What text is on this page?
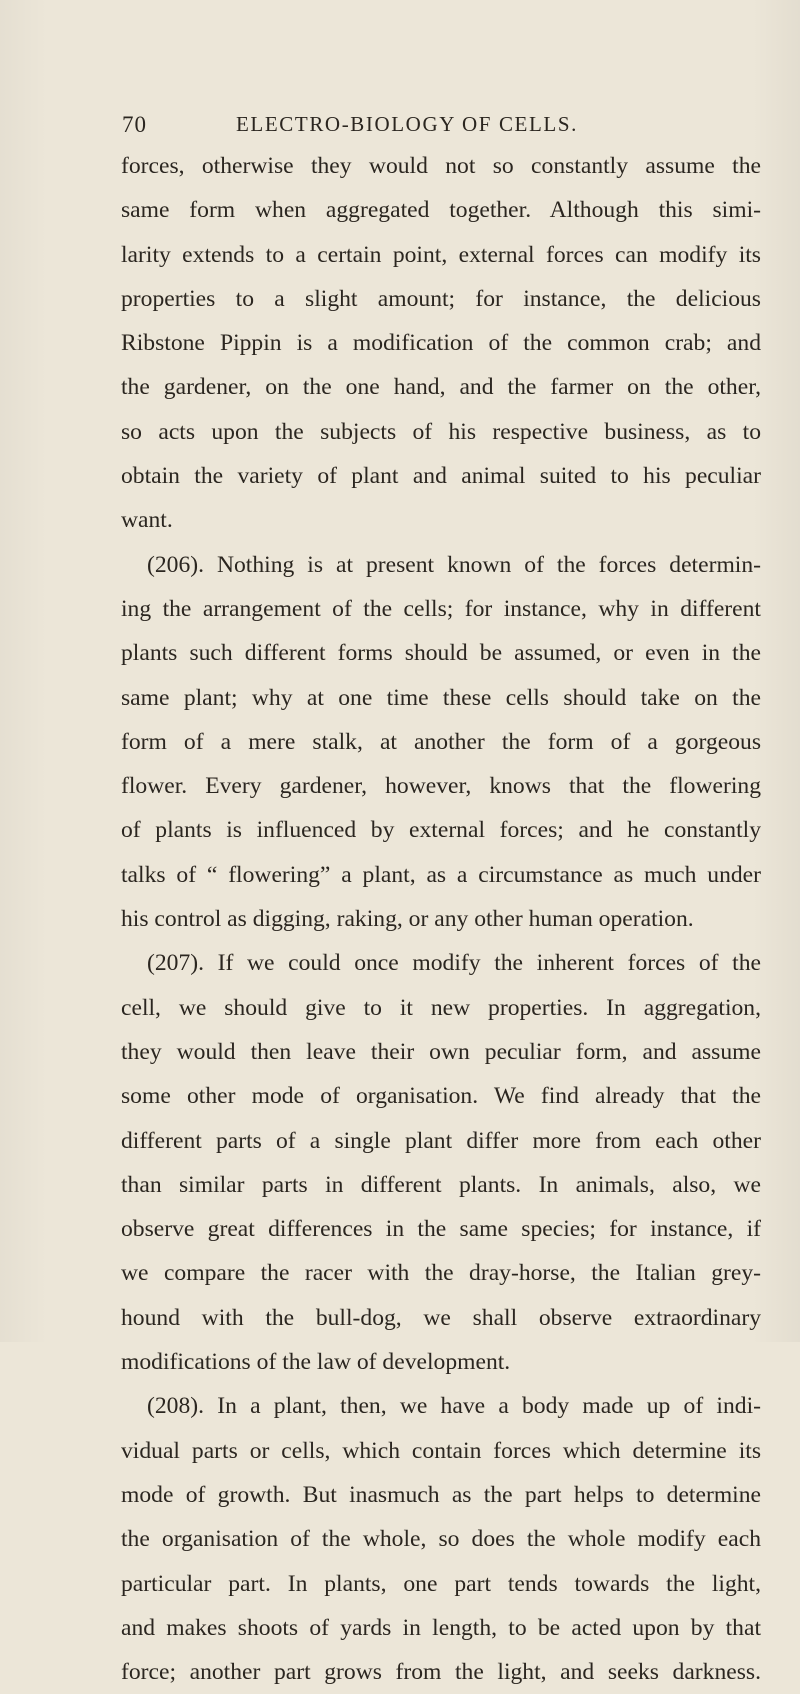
70	ELECTRO-BIOLOGY OF CELLS.
forces, otherwise they would not so constantly assume the
same form when aggregated together. Although this simi-
larity extends to a certain point, external forces can modify its
properties to a slight amount; for instance, the delicious
Ribstone Pippin is a modification of the common crab; and
the gardener, on the one hand, and the farmer on the other,
so acts upon the subjects of his respective business, as to
obtain the variety of plant and animal suited to his peculiar
want.
(206). Nothing is at present known of the forces determin-
ing the arrangement of the cells; for instance, why in different
plants such different forms should be assumed, or even in the
same plant; why at one time these cells should take on the
form of a mere stalk, at another the form of a gorgeous
flower. Every gardener, however, knows that the flowering
of plants is influenced by external forces; and he constantly
talks of “ flowering” a plant, as a circumstance as much under
his control as digging, raking, or any other human operation.
(207). If we could once modify the inherent forces of the
cell, we should give to it new properties. In aggregation,
they would then leave their own peculiar form, and assume
some other mode of organisation. We find already that the
different parts of a single plant differ more from each other
than similar parts in different plants. In animals, also, we
observe great differences in the same species; for instance, if
we compare the racer with the dray-horse, the Italian grey-
hound with the bull-dog, we shall observe extraordinary
modifications of the law of development.
(208). In a plant, then, we have a body made up of indi-
vidual parts or cells, which contain forces which determine its
mode of growth. But inasmuch as the part helps to determine
the organisation of the whole, so does the whole modify each
particular part. In plants, one part tends towards the light,
and makes shoots of yards in length, to be acted upon by that
force; another part grows from the light, and seeks darkness.
